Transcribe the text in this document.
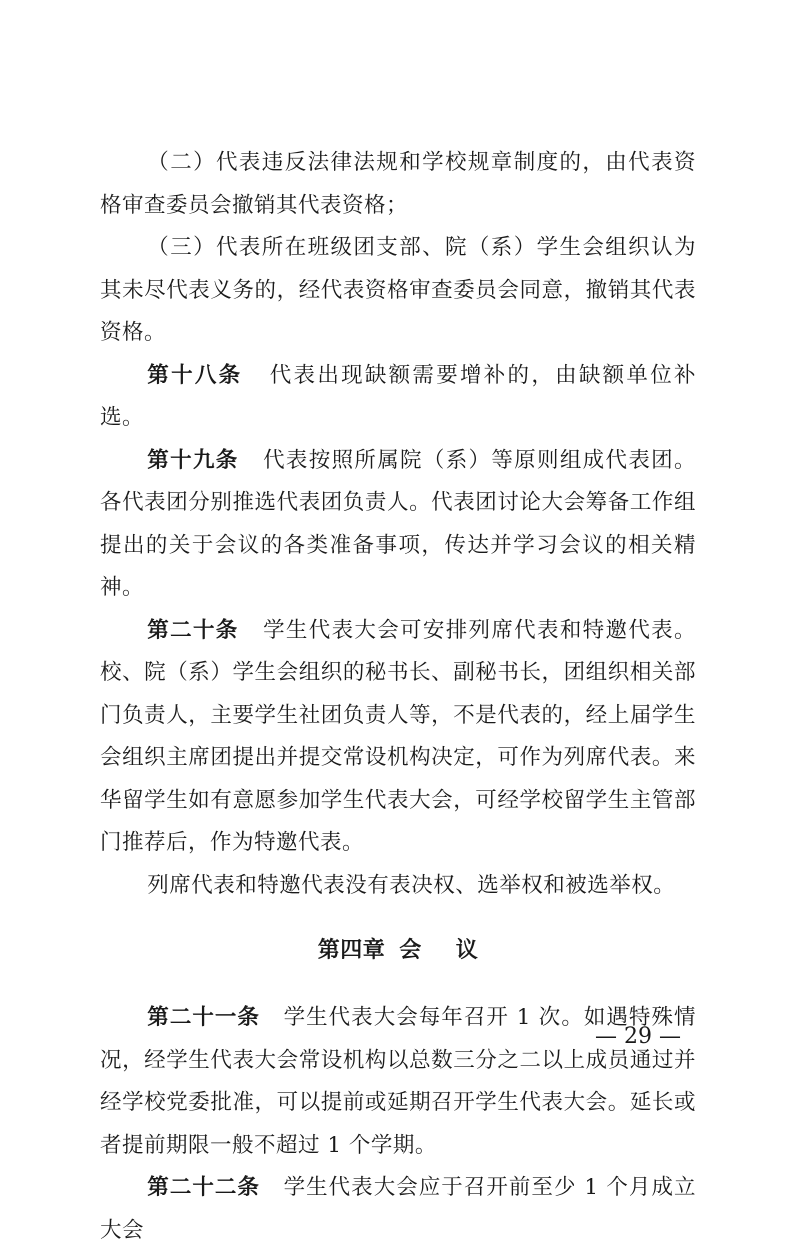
（二）代表违反法律法规和学校规章制度的，由代表资格审查委员会撤销其代表资格；

（三）代表所在班级团支部、院（系）学生会组织认为其未尽代表义务的，经代表资格审查委员会同意，撤销其代表资格。

第十八条 代表出现缺额需要增补的，由缺额单位补选。

第十九条 代表按照所属院（系）等原则组成代表团。各代表团分别推选代表团负责人。代表团讨论大会筹备工作组提出的关于会议的各类准备事项，传达并学习会议的相关精神。

第二十条 学生代表大会可安排列席代表和特邀代表。校、院（系）学生会组织的秘书长、副秘书长，团组织相关部门负责人，主要学生社团负责人等，不是代表的，经上届学生会组织主席团提出并提交常设机构决定，可作为列席代表。来华留学生如有意愿参加学生代表大会，可经学校留学生主管部门推荐后，作为特邀代表。

列席代表和特邀代表没有表决权、选举权和被选举权。

第四章 会 议

第二十一条 学生代表大会每年召开 1 次。如遇特殊情况，经学生代表大会常设机构以总数三分之二以上成员通过并经学校党委批准，可以提前或延期召开学生代表大会。延长或者提前期限一般不超过 1 个学期。

第二十二条 学生代表大会应于召开前至少 1 个月成立大会

— 29 —
